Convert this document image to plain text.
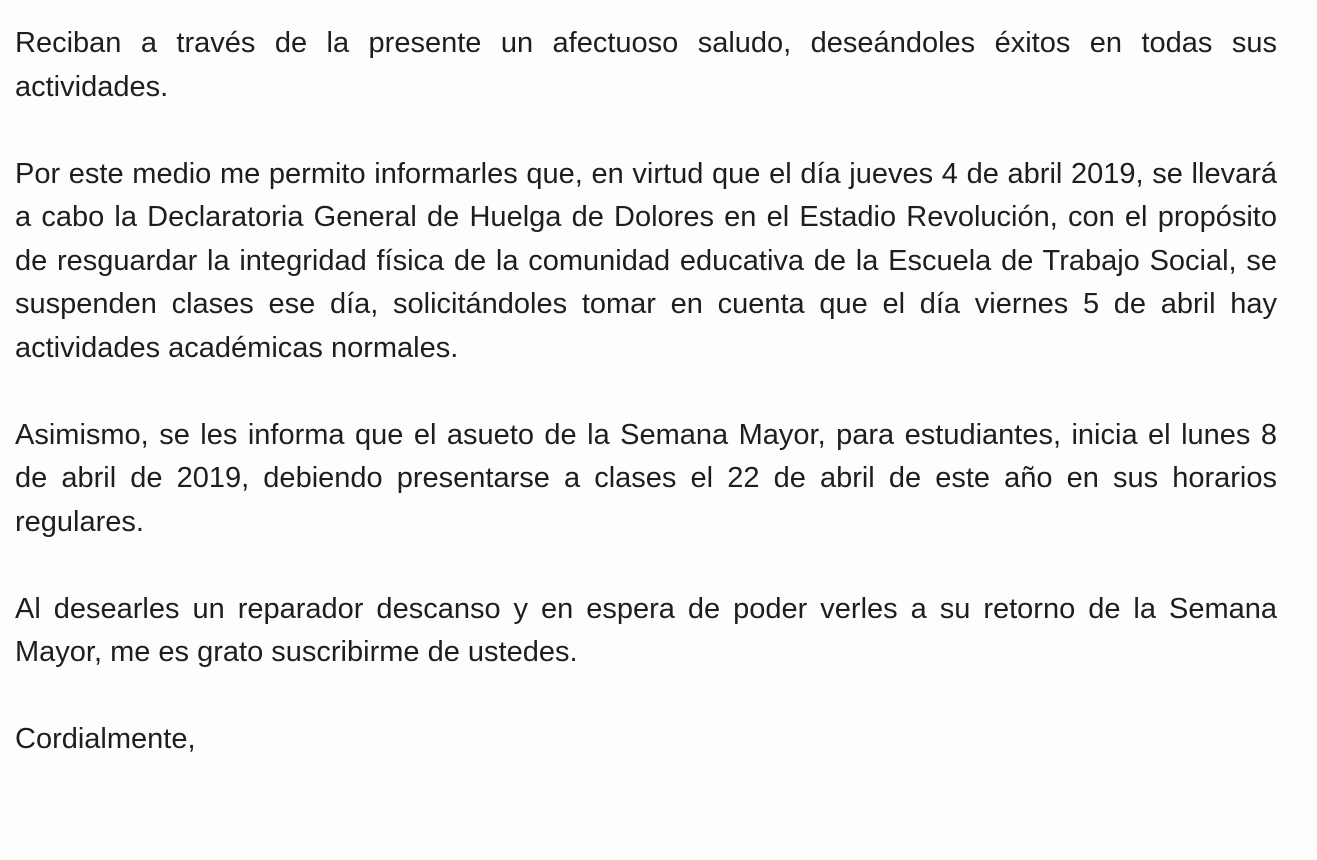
Reciban a través de la presente un afectuoso saludo, deseándoles éxitos en todas sus actividades.

Por este medio me permito informarles que, en virtud que el día jueves 4 de abril 2019, se llevará a cabo la Declaratoria General de Huelga de Dolores en el Estadio Revolución, con el propósito de resguardar la integridad física de la comunidad educativa de la Escuela de Trabajo Social, se suspenden clases ese día, solicitándoles tomar en cuenta que el día viernes 5 de abril hay actividades académicas normales.

Asimismo, se les informa que el asueto de la Semana Mayor, para estudiantes, inicia el lunes 8 de abril de 2019, debiendo presentarse a clases el 22 de abril de este año en sus horarios regulares.

Al desearles un reparador descanso y en espera de poder verles a su retorno de la Semana Mayor, me es grato suscribirme de ustedes.

Cordialmente,
